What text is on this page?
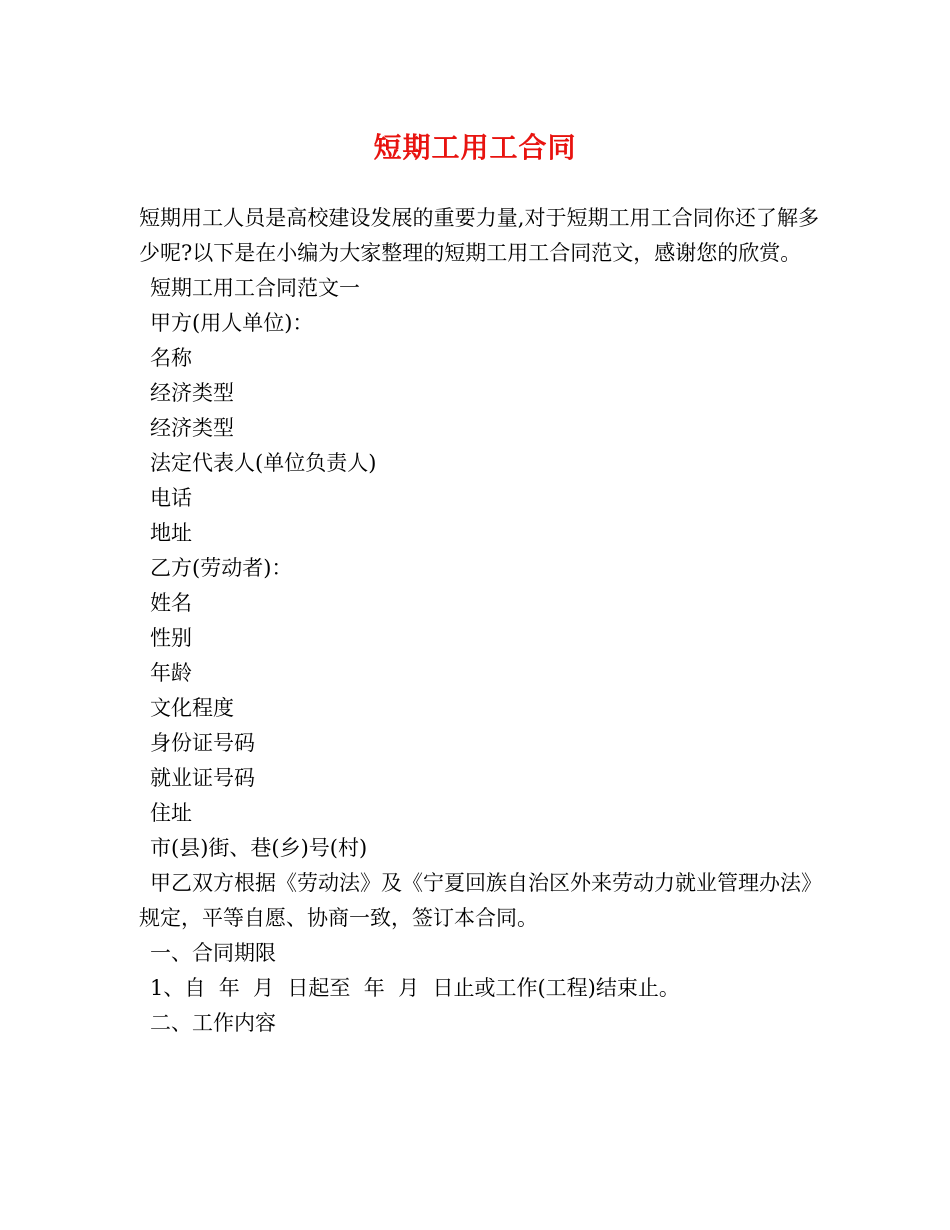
短期工用工合同

短期用工人员是高校建设发展的重要力量,对于短期工用工合同你还了解多少呢?以下是在小编为大家整理的短期工用工合同范文，感谢您的欣赏。

短期工用工合同范文一
甲方(用人单位)：
名称
经济类型
经济类型
法定代表人(单位负责人)
电话
地址
乙方(劳动者)：
姓名
性别
年龄
文化程度
身份证号码
就业证号码
住址
市(县)街、巷(乡)号(村)

甲乙双方根据《劳动法》及《宁夏回族自治区外来劳动力就业管理办法》规定，平等自愿、协商一致，签订本合同。

一、合同期限
1、自  年  月  日起至  年  月  日止或工作(工程)结束止。
二、工作内容
